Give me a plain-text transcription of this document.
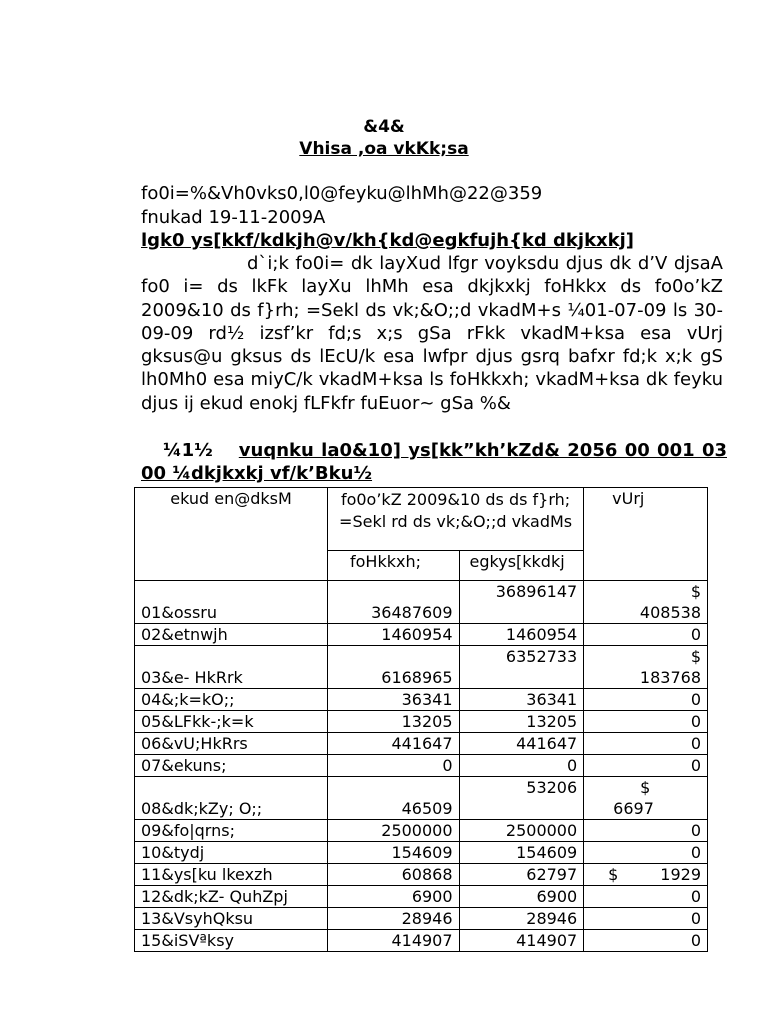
&4&
Vhisa ,oa vkKk;sa
fo0i=%&Vh0vks0,l0@feyku@lhMh@22@359
fnukad 19-11-2009A
lgk0 ys[kkf/kdkjh@v/kh{kd@egkfujh{kd dkjkxkj]
d`i;k fo0i= dk layXud lfgr voyksdu djus dk d’V djsaA fo0 i= ds lkFk layXu lhMh esa dkjkxkj foHkkx ds fo0o’kZ 2009&10 ds f}rh; =Sekl ds vk;&O;;d vkadM+s ¼01-07-09 ls 30-09-09 rd½ izsf’kr fd;s x;s gSa rFkk vkadM+ksa esa vUrj gksus@u gksus ds lEcU/k esa lwfpr djus gsrq bafxr fd;k x;k gS lh0Mh0 esa miyC/k vkadM+ksa ls foHkkxh; vkadM+ksa dk feyku djus ij ekud enokj fLFkfr fuEuor~ gSa %&
¼1½ vuqnku la0&10] ys[kk”kh’kZd& 2056 00 001 03 00 ¼dkjkxkj vf/k’Bku½
ekud en@dksM	fo0o’kZ 2009&10 ds ds f}rh; =Sekl rd ds vk;&O;;d vkadMs		vUrj
	foHkkxh;	egkys[kkdkj	
01&ossru	36487609	36896147	$
408538

02&etnwjh	1460954	1460954	0
03&e- HkRrk	6168965	6352733	$
183768

04&;k=kO;;	36341	36341	0
05&LFkk-;k=k	13205	13205	0
06&vU;HkRrs	441647	441647	0
07&ekuns;	0	0	0
08&dk;kZy; O;;	46509	53206	$
6697

09&fo|qrns;	2500000	2500000	0
10&tydj	154609	154609	0
11&ys[ku lkexzh	60868	62797	$ 1929

12&dk;kZ- QuhZpj	6900	6900	0
13&VsyhQksu	28946	28946	0
15&iSVªksy	414907	414907	0
